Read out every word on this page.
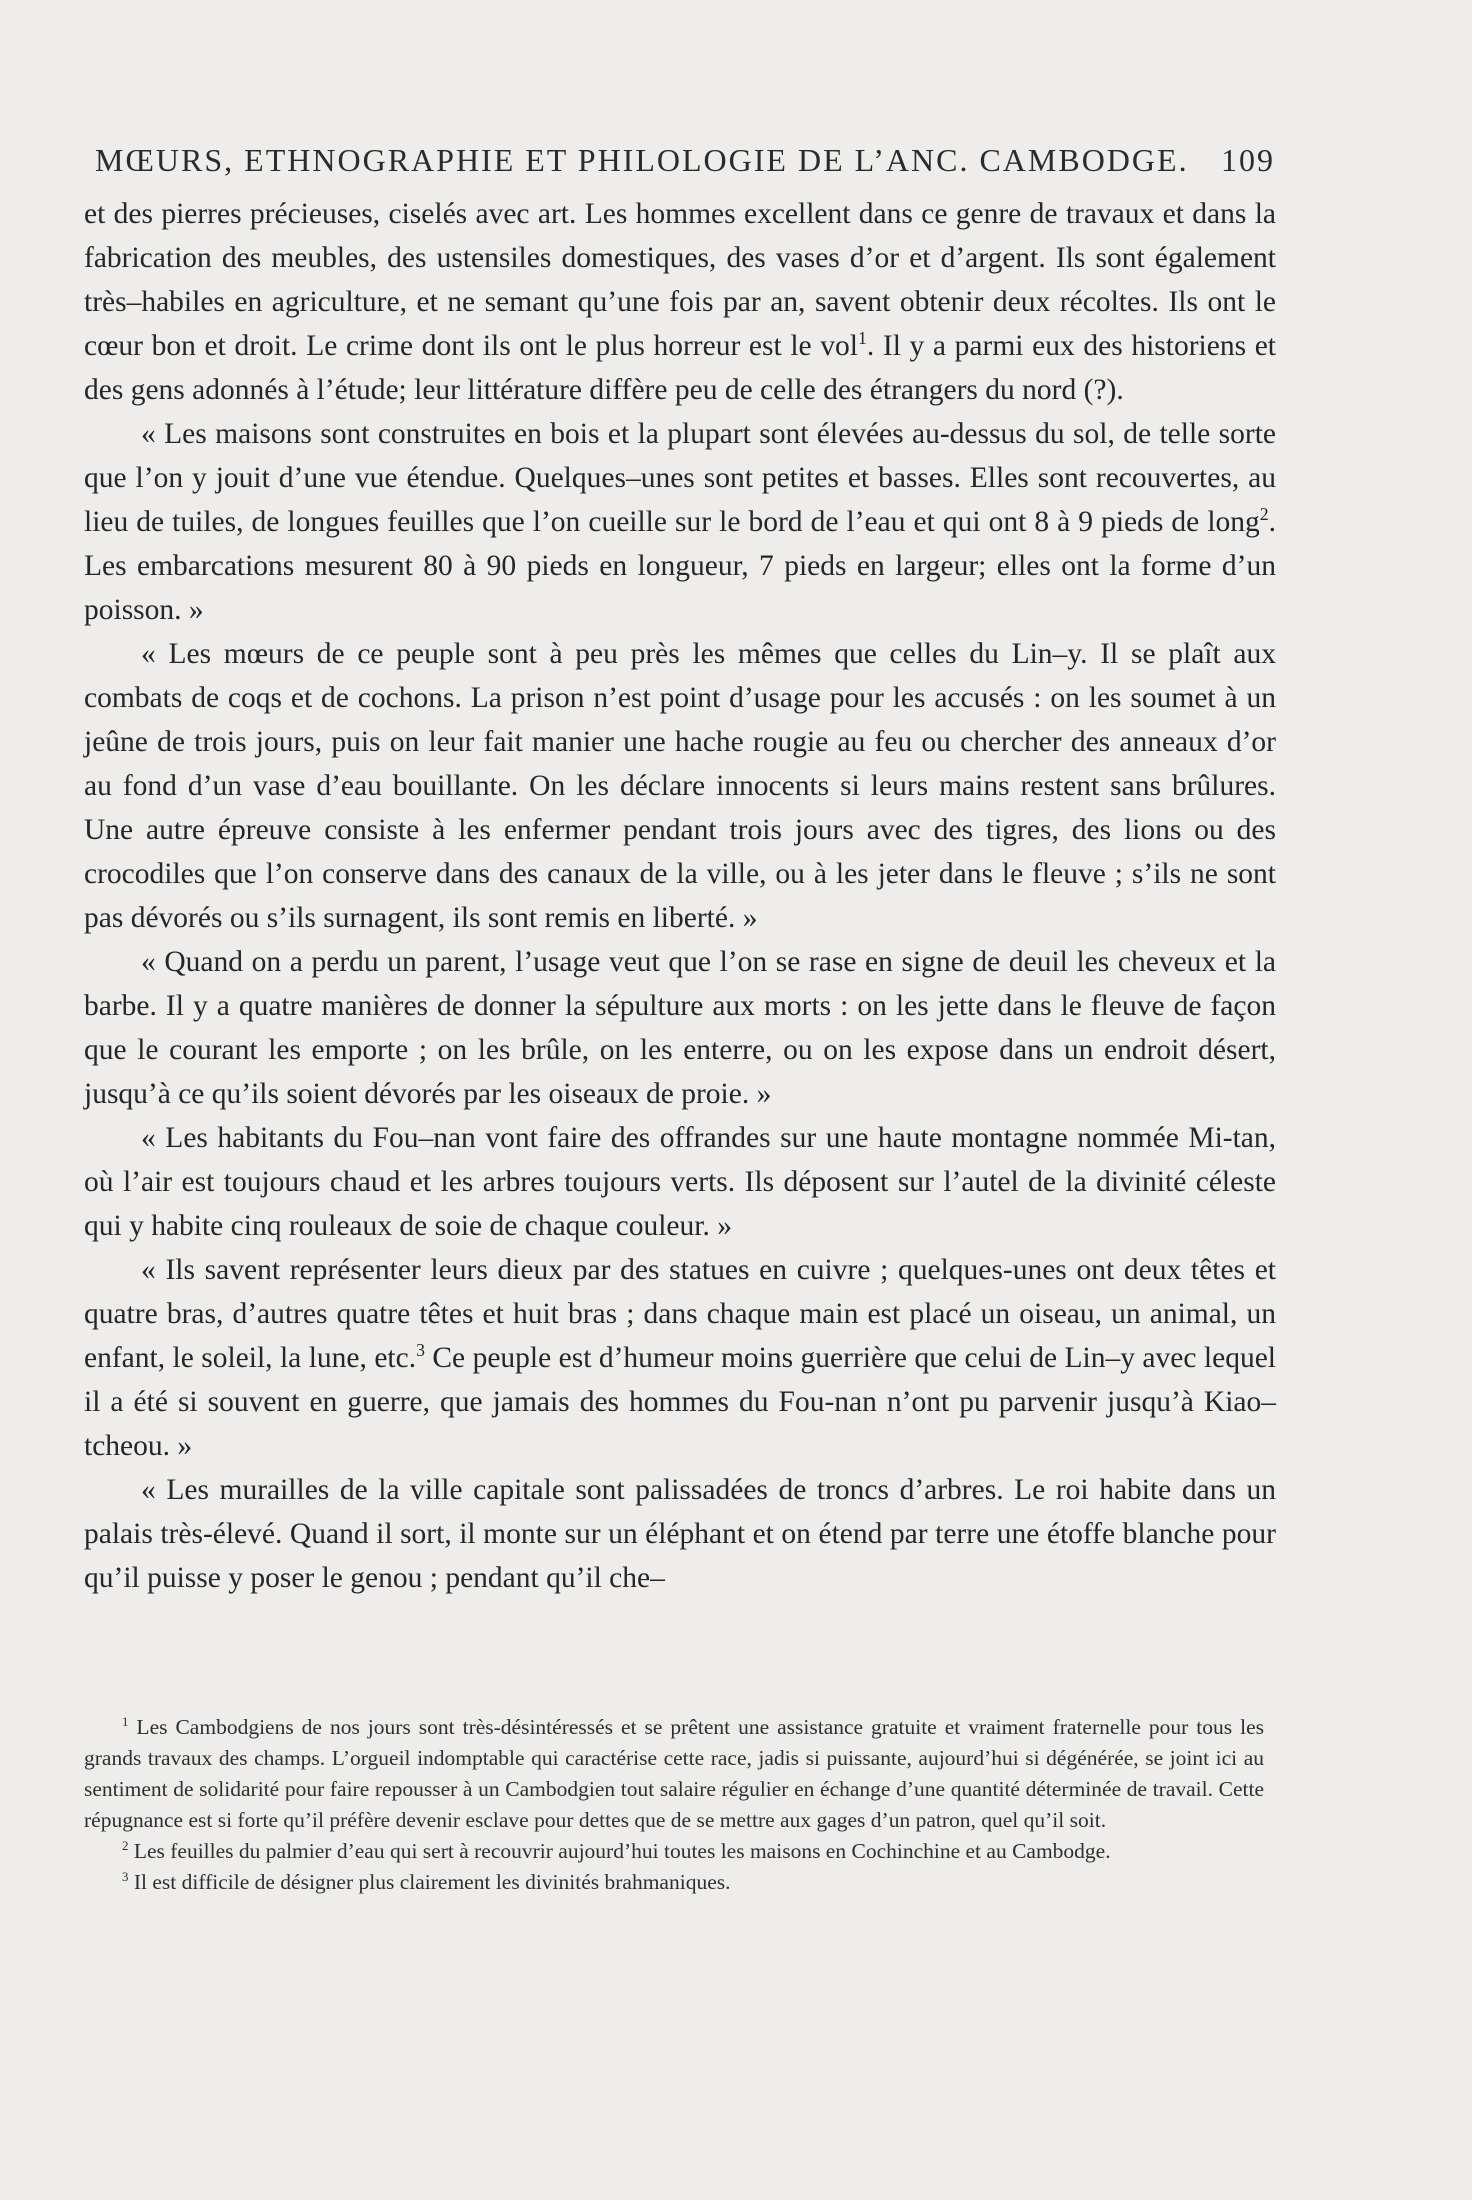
MŒURS, ETHNOGRAPHIE ET PHILOLOGIE DE L’ANC. CAMBODGE. 109

et des pierres précieuses, ciselés avec art. Les hommes excellent dans ce genre de travaux et dans la fabrication des meubles, des ustensiles domestiques, des vases d’or et d’argent. Ils sont également très–habiles en agriculture, et ne semant qu’une fois par an, savent obtenir deux récoltes. Ils ont le cœur bon et droit. Le crime dont ils ont le plus horreur est le vol$^1$. Il y a parmi eux des historiens et des gens adonnés à l’étude; leur littérature diffère peu de celle des étrangers du nord (?).

« Les maisons sont construites en bois et la plupart sont élevées au-dessus du sol, de telle sorte que l’on y jouit d’une vue étendue. Quelques–unes sont petites et basses. Elles sont recouvertes, au lieu de tuiles, de longues feuilles que l’on cueille sur le bord de l’eau et qui ont 8 à 9 pieds de long$^2$. Les embarcations mesurent 80 à 90 pieds en longueur, 7 pieds en largeur; elles ont la forme d’un poisson. »

« Les mœurs de ce peuple sont à peu près les mêmes que celles du Lin–y. Il se plaît aux combats de coqs et de cochons. La prison n’est point d’usage pour les accusés : on les soumet à un jeûne de trois jours, puis on leur fait manier une hache rougie au feu ou chercher des anneaux d’or au fond d’un vase d’eau bouillante. On les déclare innocents si leurs mains restent sans brûlures. Une autre épreuve consiste à les enfermer pendant trois jours avec des tigres, des lions ou des crocodiles que l’on conserve dans des canaux de la ville, ou à les jeter dans le fleuve ; s’ils ne sont pas dévorés ou s’ils surnagent, ils sont remis en liberté. »

« Quand on a perdu un parent, l’usage veut que l’on se rase en signe de deuil les cheveux et la barbe. Il y a quatre manières de donner la sépulture aux morts : on les jette dans le fleuve de façon que le courant les emporte ; on les brûle, on les enterre, ou on les expose dans un endroit désert, jusqu’à ce qu’ils soient dévorés par les oiseaux de proie. »

« Les habitants du Fou–nan vont faire des offrandes sur une haute montagne nommée Mi-tan, où l’air est toujours chaud et les arbres toujours verts. Ils déposent sur l’autel de la divinité céleste qui y habite cinq rouleaux de soie de chaque couleur. »

« Ils savent représenter leurs dieux par des statues en cuivre ; quelques-unes ont deux têtes et quatre bras, d’autres quatre têtes et huit bras ; dans chaque main est placé un oiseau, un animal, un enfant, le soleil, la lune, etc.$^3$ Ce peuple est d’humeur moins guerrière que celui de Lin–y avec lequel il a été si souvent en guerre, que jamais des hommes du Fou-nan n’ont pu parvenir jusqu’à Kiao–tcheou. »

« Les murailles de la ville capitale sont palissadées de troncs d’arbres. Le roi habite dans un palais très-élevé. Quand il sort, il monte sur un éléphant et on étend par terre une étoffe blanche pour qu’il puisse y poser le genou ; pendant qu’il che–

$^1$ Les Cambodgiens de nos jours sont très-désintéressés et se prêtent une assistance gratuite et vraiment fraternelle pour tous les grands travaux des champs. L’orgueil indomptable qui caractérise cette race, jadis si puissante, aujourd’hui si dégénérée, se joint ici au sentiment de solidarité pour faire repousser à un Cambodgien tout salaire régulier en échange d’une quantité déterminée de travail. Cette répugnance est si forte qu’il préfère devenir esclave pour dettes que de se mettre aux gages d’un patron, quel qu’il soit.

$^2$ Les feuilles du palmier d’eau qui sert à recouvrir aujourd’hui toutes les maisons en Cochinchine et au Cambodge.

$^3$ Il est difficile de désigner plus clairement les divinités brahmaniques.
